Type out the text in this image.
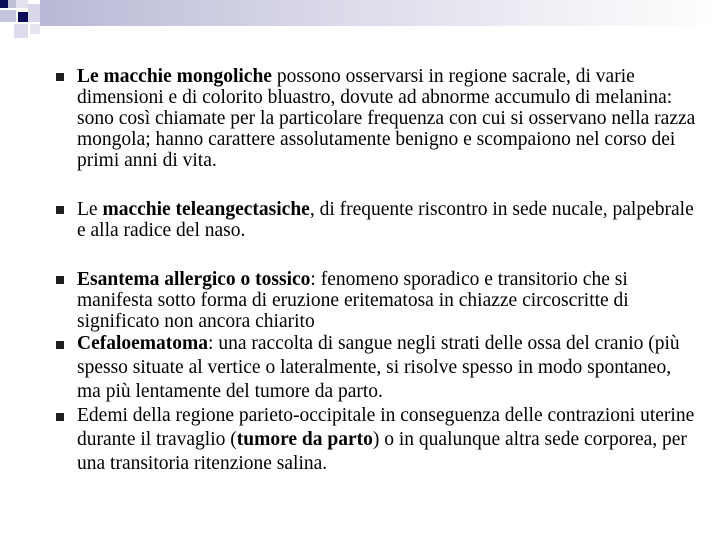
Le macchie mongoliche possono osservarsi in regione sacrale, di varie dimensioni e di colorito bluastro, dovute ad abnorme accumulo di melanina: sono così chiamate per la particolare frequenza con cui si osservano nella razza mongola; hanno carattere assolutamente benigno e scompaiono nel corso dei primi anni di vita.
Le macchie teleangectasiche, di frequente riscontro in sede nucale, palpebrale e alla radice del naso.
Esantema allergico o tossico: fenomeno sporadico e transitorio che si manifesta sotto forma di eruzione eritematosa in chiazze circoscritte di significato non ancora chiarito
Cefaloematoma: una raccolta di sangue negli strati delle ossa del cranio (più spesso situate al vertice o lateralmente, si risolve spesso in modo spontaneo, ma più lentamente del tumore da parto.
Edemi della regione parieto-occipitale in conseguenza delle contrazioni uterine durante il travaglio (tumore da parto) o in qualunque altra sede corporea, per una transitoria ritenzione salina.
